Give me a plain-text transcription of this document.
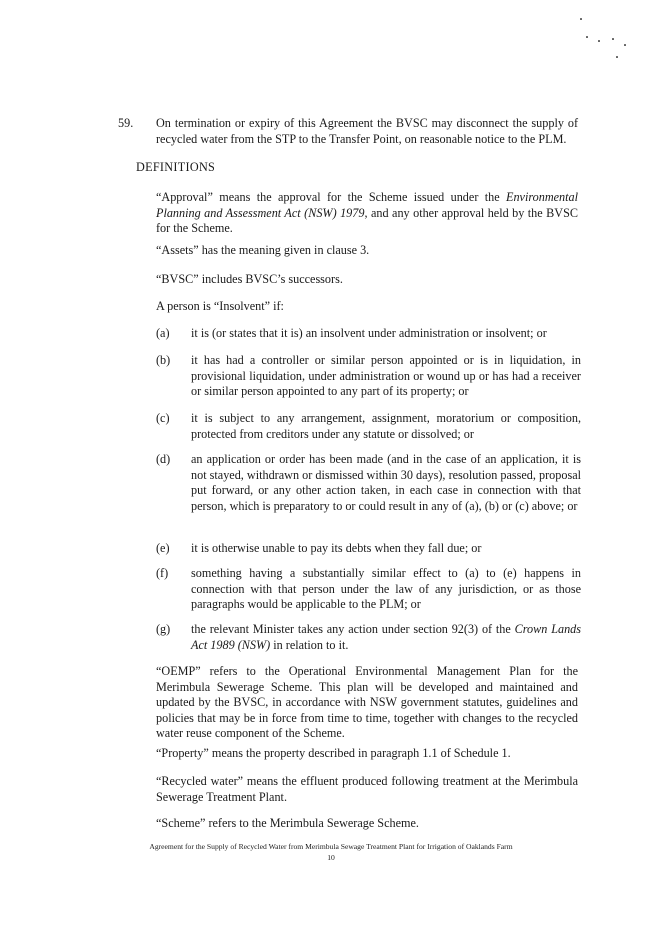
59. On termination or expiry of this Agreement the BVSC may disconnect the supply of recycled water from the STP to the Transfer Point, on reasonable notice to the PLM.
DEFINITIONS
“Approval” means the approval for the Scheme issued under the Environmental Planning and Assessment Act (NSW) 1979, and any other approval held by the BVSC for the Scheme.
“Assets” has the meaning given in clause 3.
“BVSC” includes BVSC’s successors.
A person is “Insolvent” if:
(a) it is (or states that it is) an insolvent under administration or insolvent; or
(b) it has had a controller or similar person appointed or is in liquidation, in provisional liquidation, under administration or wound up or has had a receiver or similar person appointed to any part of its property; or
(c) it is subject to any arrangement, assignment, moratorium or composition, protected from creditors under any statute or dissolved; or
(d) an application or order has been made (and in the case of an application, it is not stayed, withdrawn or dismissed within 30 days), resolution passed, proposal put forward, or any other action taken, in each case in connection with that person, which is preparatory to or could result in any of (a), (b) or (c) above; or
(e) it is otherwise unable to pay its debts when they fall due; or
(f) something having a substantially similar effect to (a) to (e) happens in connection with that person under the law of any jurisdiction, or as those paragraphs would be applicable to the PLM; or
(g) the relevant Minister takes any action under section 92(3) of the Crown Lands Act 1989 (NSW) in relation to it.
“OEMP” refers to the Operational Environmental Management Plan for the Merimbula Sewerage Scheme. This plan will be developed and maintained and updated by the BVSC, in accordance with NSW government statutes, guidelines and policies that may be in force from time to time, together with changes to the recycled water reuse component of the Scheme.
“Property” means the property described in paragraph 1.1 of Schedule 1.
“Recycled water” means the effluent produced following treatment at the Merimbula Sewerage Treatment Plant.
“Scheme” refers to the Merimbula Sewerage Scheme.
Agreement for the Supply of Recycled Water from Merimbula Sewage Treatment Plant for Irrigation of Oaklands Farm
10
